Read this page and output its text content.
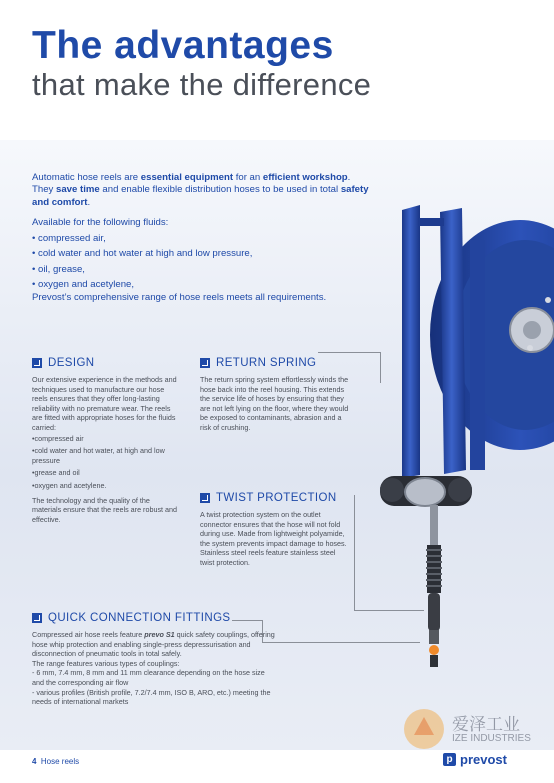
The advantages
that make the difference
Automatic hose reels are essential equipment for an efficient workshop. They save time and enable flexible distribution hoses to be used in total safety and comfort.
Available for the following fluids:
• compressed air,
• cold water and hot water at high and low pressure,
• oil, grease,
• oxygen and acetylene,
Prevost’s comprehensive range of hose reels meets all requirements.
DESIGN
Our extensive experience in the methods and techniques used to manufacture our hose reels ensures that they offer long-lasting reliability with no premature wear. The reels are fitted with appropriate hoses for the fluids carried:
• compressed air
• cold water and hot water, at high and low pressure
• grease and oil
• oxygen and acetylene.
The technology and the quality of the materials ensure that the reels are robust and effective.
RETURN SPRING
The return spring system effortlessly winds the hose back into the reel housing. This extends the service life of hoses by ensuring that they are not left lying on the floor, where they would be exposed to contaminants, abrasion and a risk of crushing.
TWIST PROTECTION
A twist protection system on the outlet connector ensures that the hose will not fold during use. Made from lightweight polyamide, the system prevents impact damage to hoses. Stainless steel reels feature stainless steel twist protection.
QUICK CONNECTION FITTINGS
Compressed air hose reels feature prevo S1 quick safety couplings, offering hose whip protection and enabling single-press depressurisation and disconnection of pneumatic tools in total safely.
The range features various types of couplings:
- 6 mm, 7.4 mm, 8 mm and 11 mm clearance depending on the hose size and the corresponding air flow
- various profiles (British profile, 7.2/7.4 mm, ISO B, ARO, etc.) meeting the needs of international markets
爱泽工业
IZE INDUSTRIES
4 Hose reels	p prevost
